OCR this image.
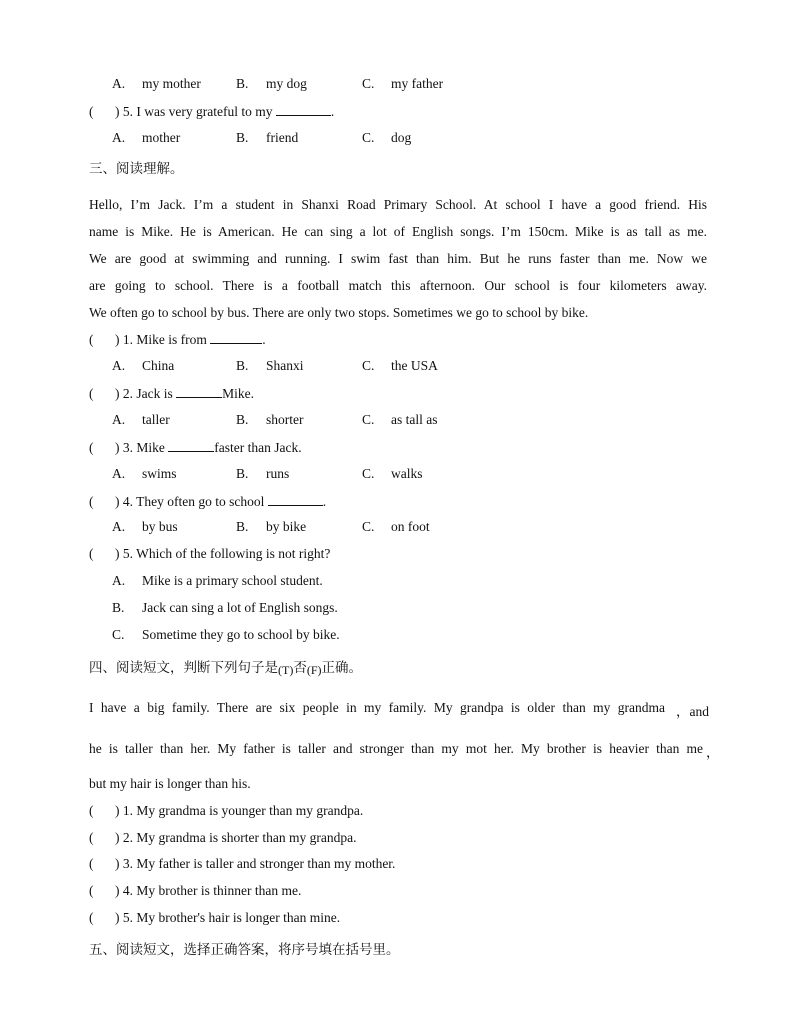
A. my mother	B. my dog	C. my father
( ) 5. I was very grateful to my	.
A. mother	B. friend	C. dog
三、阅读理解。
Hello, I’m Jack. I’m a student in Shanxi Road Primary School. At school I have a good friend. His
name is Mike. He is American. He can sing a lot of English songs. I’m 150cm. Mike is as tall as me.
We are good at swimming and running. I swim fast than him. But he runs faster than me. Now we
are going to school. There is a football match this afternoon. Our school is four kilometers away.
We often go to school by bus. There are only two stops. Sometimes we go to school by bike.
( ) 1. Mike is from	.
A. China	B. Shanxi	C. the USA
( ) 2. Jack is	Mike.
A. taller	B. shorter	C. as tall as
( ) 3. Mike	faster than Jack.
A. swims	B. runs	C. walks
( ) 4. They often go to school	.
A. by bus	B. by bike	C. on foot
( ) 5. Which of the following is not right?
A. Mike is a primary school student.
B. Jack can sing a lot of English songs.
C. Sometime they go to school by bike.
四、阅读短文，判断下列句子是(T)否(F)正确。
I have a big family. There are six people in my family. My grandpa is older than my grandma ，and
he is taller than her. My father is taller and stronger than my mot her. My brother is heavier than me ，
but my hair is longer than his.
( ) 1. My grandma is younger than my grandpa.
( ) 2. My grandma is shorter than my grandpa.
( ) 3. My father is taller and stronger than my mother.
( ) 4. My brother is thinner than me.
( ) 5. My brother's hair is longer than mine.
五、阅读短文，选择正确答案，将序号填在括号里。
